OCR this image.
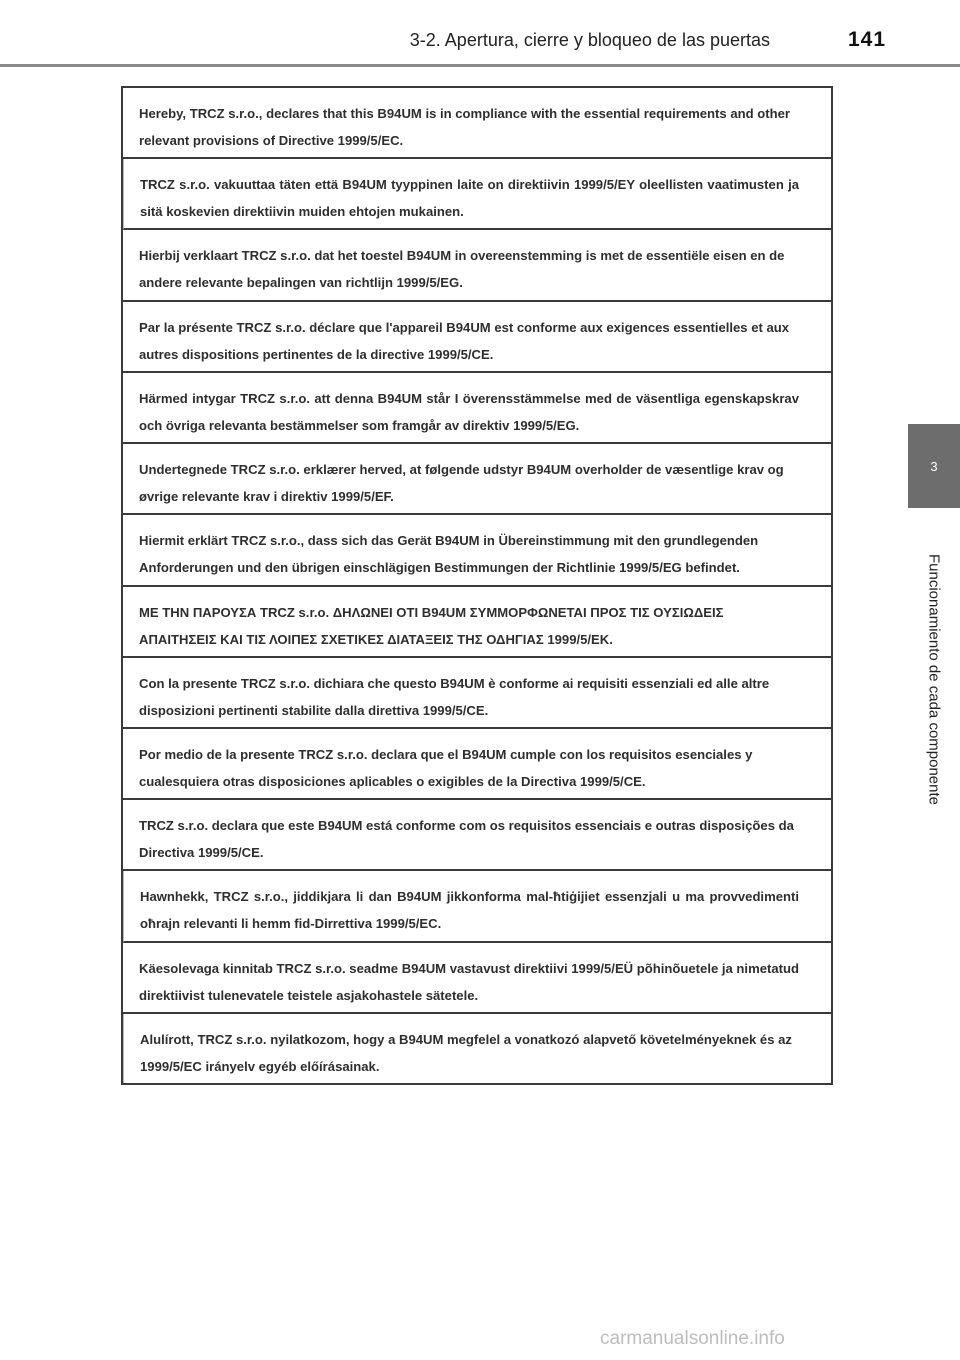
3-2. Apertura, cierre y bloqueo de las puertas	141
3
Funcionamiento de cada componente
Hereby, TRCZ s.r.o., declares that this B94UM is in compliance with the essential requirements and other relevant provisions of Directive 1999/5/EC.
TRCZ s.r.o. vakuuttaa täten että B94UM tyyppinen laite on direktiivin 1999/5/EY oleellisten vaatimusten ja sitä koskevien direktiivin muiden ehtojen mukainen.
Hierbij verklaart TRCZ s.r.o. dat het toestel B94UM in overeenstemming is met de essentiële eisen en de andere relevante bepalingen van richtlijn 1999/5/EG.
Par la présente TRCZ s.r.o. déclare que l'appareil B94UM est conforme aux exigences essentielles et aux autres dispositions pertinentes de la directive 1999/5/CE.
Härmed intygar TRCZ s.r.o. att denna B94UM står I överensstämmelse med de väsentliga egenskapskrav och övriga relevanta bestämmelser som framgår av direktiv 1999/5/EG.
Undertegnede TRCZ s.r.o. erklærer herved, at følgende udstyr B94UM overholder de væsentlige krav og øvrige relevante krav i direktiv 1999/5/EF.
Hiermit erklärt TRCZ s.r.o., dass sich das Gerät B94UM in Übereinstimmung mit den grundlegenden Anforderungen und den übrigen einschlägigen Bestimmungen der Richtlinie 1999/5/EG befindet.
ΜΕ ΤΗΝ ΠΑΡΟΥΣΑ TRCZ s.r.o. ΔΗΛΩΝΕΙ ΟΤΙ B94UM ΣΥΜΜΟΡΦΩΝΕΤΑΙ ΠΡΟΣ ΤΙΣ ΟΥΣΙΩΔΕΙΣ ΑΠΑΙΤΗΣΕΙΣ ΚΑΙ ΤΙΣ ΛΟΙΠΕΣ ΣΧΕΤΙΚΕΣ ΔΙΑΤΑΞΕΙΣ ΤΗΣ ΟΔΗΓΙΑΣ 1999/5/ΕΚ.
Con la presente TRCZ s.r.o. dichiara che questo B94UM è conforme ai requisiti essenziali ed alle altre disposizioni pertinenti stabilite dalla direttiva 1999/5/CE.
Por medio de la presente TRCZ s.r.o. declara que el B94UM cumple con los requisitos esenciales y cualesquiera otras disposiciones aplicables o exigibles de la Directiva 1999/5/CE.
TRCZ s.r.o. declara que este B94UM está conforme com os requisitos essenciais e outras disposições da Directiva 1999/5/CE.
Hawnhekk, TRCZ s.r.o., jiddikjara li dan B94UM jikkonforma mal-ħtiġijiet essenzjali u ma provvedimenti oħrajn relevanti li hemm fid-Dirrettiva 1999/5/EC.
Käesolevaga kinnitab TRCZ s.r.o. seadme B94UM vastavust direktiivi 1999/5/EÜ põhinõuetele ja nimetatud direktiivist tulenevatele teistele asjakohastele sätetele.
Alulírott, TRCZ s.r.o. nyilatkozom, hogy a B94UM megfelel a vonatkozó alapvető követelményeknek és az 1999/5/EC irányelv egyéb előírásainak.
carmanualsonline.info
